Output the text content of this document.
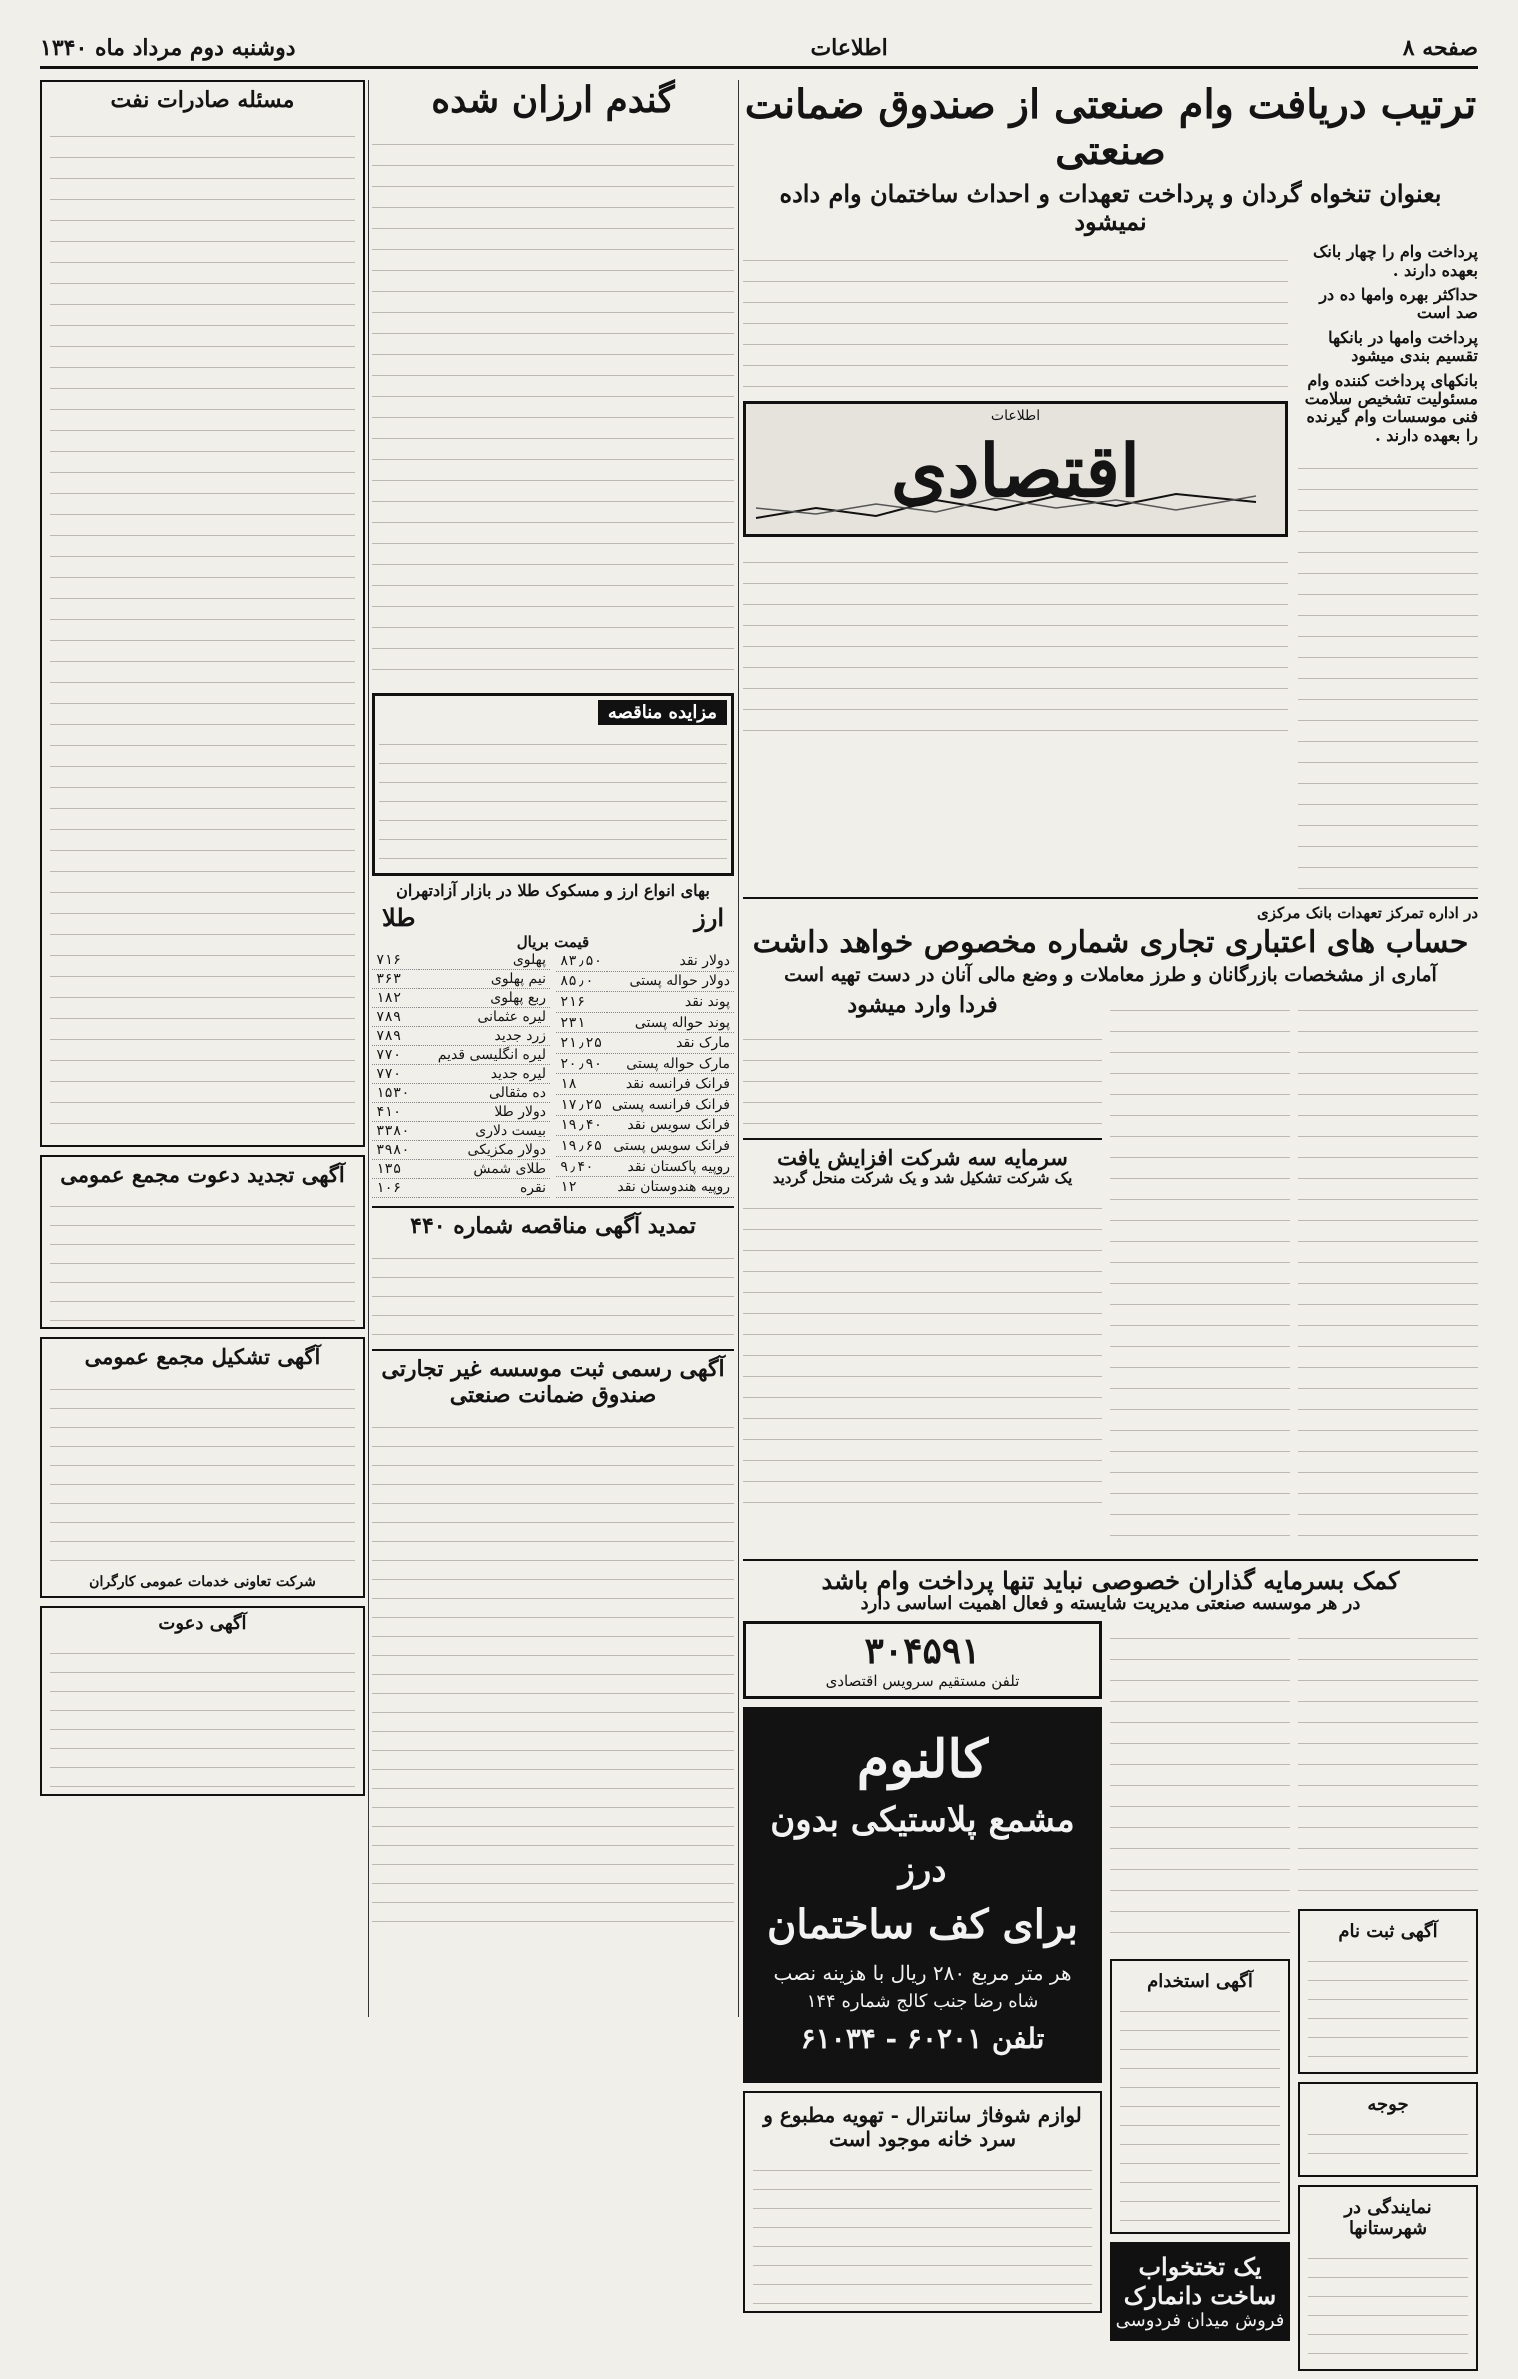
صفحه ۸
اطلاعات
دوشنبه دوم مرداد ماه ۱۳۴۰
ترتیب دریافت وام صنعتی از صندوق ضمانت صنعتی
بعنوان تنخواه گردان و پرداخت تعهدات و احداث ساختمان وام داده نمیشود
پرداخت وام را چهار بانک بعهده دارند .
حداکثر بهره وامها ده در صد است
پرداخت وامها در بانکها تقسیم بندی میشود
بانکهای پرداخت کننده وام مسئولیت تشخیص سلامت فنی موسسات وام گیرنده را بعهده دارند .
اطلاعات
اقتصادی
در اداره تمرکز تعهدات بانک مرکزی
حساب های اعتباری تجاری شماره مخصوص خواهد داشت
آماری از مشخصات بازرگانان و طرز معاملات و وضع مالی آنان در دست تهیه است
فردا وارد میشود
سرمایه سه شرکت افزایش یافت
یک شرکت تشکیل شد و یک شرکت منحل گردید
کمک بسرمایه گذاران خصوصی نباید تنها پرداخت وام باشد
در هر موسسه صنعتی مدیریت شایسته و فعال اهمیت اساسی دارد
آگهی ثبت نام
جوجه
نمایندگی در شهرستانها
آگهی استخدام
یک تختخواب ساخت دانمارک
فروش میدان فردوسی
۳۰۴۵۹۱
تلفن مستقیم سرویس اقتصادی
کالنوم
مشمع پلاستیکی بدون درز
برای کف ساختمان
هر متر مربع ۲۸۰ ریال با هزینه نصب
شاه رضا جنب کالج شماره ۱۴۴
تلفن ۶۰۲۰۱ - ۶۱۰۳۴
لوازم شوفاژ سانترال - تهویه مطبوع و سرد خانه موجود است
گندم ارزان شده
مزایده مناقصه
بهای انواع ارز و مسکوک طلا در بازار آزادتهران
ارز
طلا
قیمت بریال
دولار نقد	۸۳٫۵۰
دولار حواله پستی	۸۵٫۰
پوند نقد	۲۱۶
پوند حواله پستی	۲۳۱
مارک نقد	۲۱٫۲۵
مارک حواله پستی	۲۰٫۹۰
فرانک فرانسه نقد	۱۸
فرانک فرانسه پستی	۱۷٫۲۵
فرانک سویس نقد	۱۹٫۴۰
فرانک سویس پستی	۱۹٫۶۵
روپیه پاکستان نقد	۹٫۴۰
روپیه هندوستان نقد	۱۲
پهلوی	۷۱۶
نیم پهلوی	۳۶۳
ربع پهلوی	۱۸۲
لیره عثمانی	۷۸۹
زرد جدید	۷۸۹
لیره انگلیسی قدیم	۷۷۰
لیره جدید	۷۷۰
ده مثقالی	۱۵۳۰
دولار طلا	۴۱۰
بیست دلاری	۳۳۸۰
دولار مکزیکی	۳۹۸۰
طلای شمش	۱۳۵
نقره	۱۰۶
تمدید آگهی مناقصه شماره ۴۴۰
آگهی رسمی ثبت موسسه غیر تجارتی صندوق ضمانت صنعتی
مسئله صادرات نفت
آگهی تجدید دعوت مجمع عمومی
آگهی تشکیل مجمع عمومی
شرکت تعاونی خدمات عمومی کارگران
آگهی دعوت
